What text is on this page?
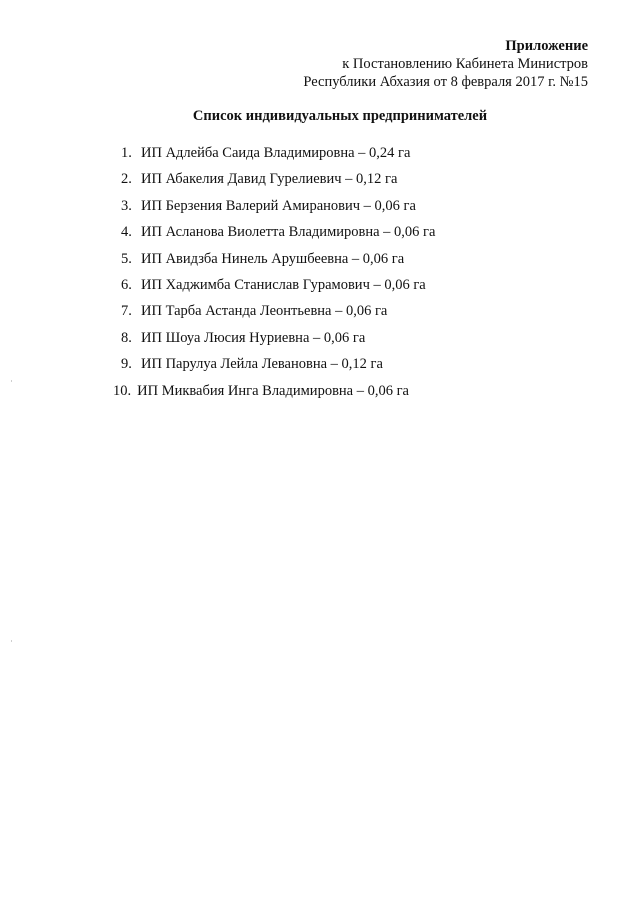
Приложение
к Постановлению Кабинета Министров
Республики Абхазия от 8 февраля 2017 г. №15
Список индивидуальных предпринимателей
1. ИП Адлейба Саида Владимировна – 0,24 га
2. ИП Абакелия Давид Гурелиевич – 0,12 га
3. ИП Берзения Валерий Амиранович – 0,06 га
4. ИП Асланова Виолетта Владимировна – 0,06 га
5. ИП Авидзба Нинель Арушбеевна – 0,06 га
6. ИП Хаджимба Станислав Гурамович – 0,06 га
7. ИП Тарба Астанда Леонтьевна – 0,06 га
8. ИП Шоуа Люсия Нуриевна – 0,06 га
9. ИП Парулуа Лейла Левановна – 0,12 га
10. ИП Миквабия Инга Владимировна – 0,06 га
